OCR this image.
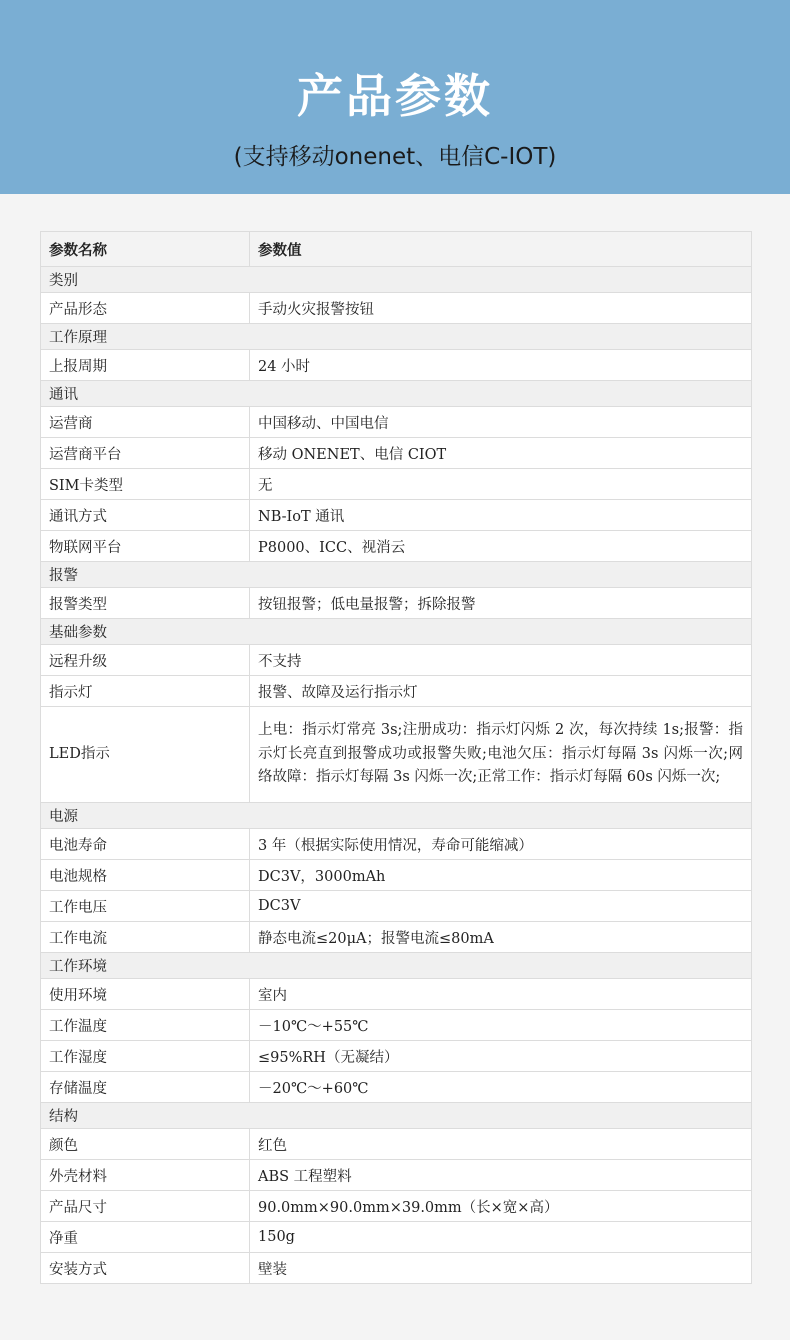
产品参数
(支持移动onenet、电信C-IOT)
参数名称	参数值
类别	
产品形态	手动火灾报警按钮
工作原理	
上报周期	24 小时
通讯	
运营商	中国移动、中国电信
运营商平台	移动 ONENET、电信 CIOT
SIM卡类型	无
通讯方式	NB-IoT 通讯
物联网平台	P8000、ICC、视消云
报警	
报警类型	按钮报警；低电量报警；拆除报警
基础参数	
远程升级	不支持
指示灯	报警、故障及运行指示灯
LED指示	上电：指示灯常亮 3s;注册成功：指示灯闪烁 2 次，每次持续 1s;报警：指示灯长亮直到报警成功或报警失败;电池欠压：指示灯每隔 3s 闪烁一次;网络故障：指示灯每隔 3s 闪烁一次;正常工作：指示灯每隔 60s 闪烁一次;
电源	
电池寿命	3 年（根据实际使用情况，寿命可能缩减）
电池规格	DC3V，3000mAh
工作电压	DC3V
工作电流	静态电流≤20μA；报警电流≤80mA
工作环境	
使用环境	室内
工作温度	－10℃～+55℃
工作湿度	≤95%RH（无凝结）
存储温度	－20℃～+60℃
结构	
颜色	红色
外壳材料	ABS 工程塑料
产品尺寸	90.0mm×90.0mm×39.0mm（长×宽×高）
净重	150g
安装方式	壁装
